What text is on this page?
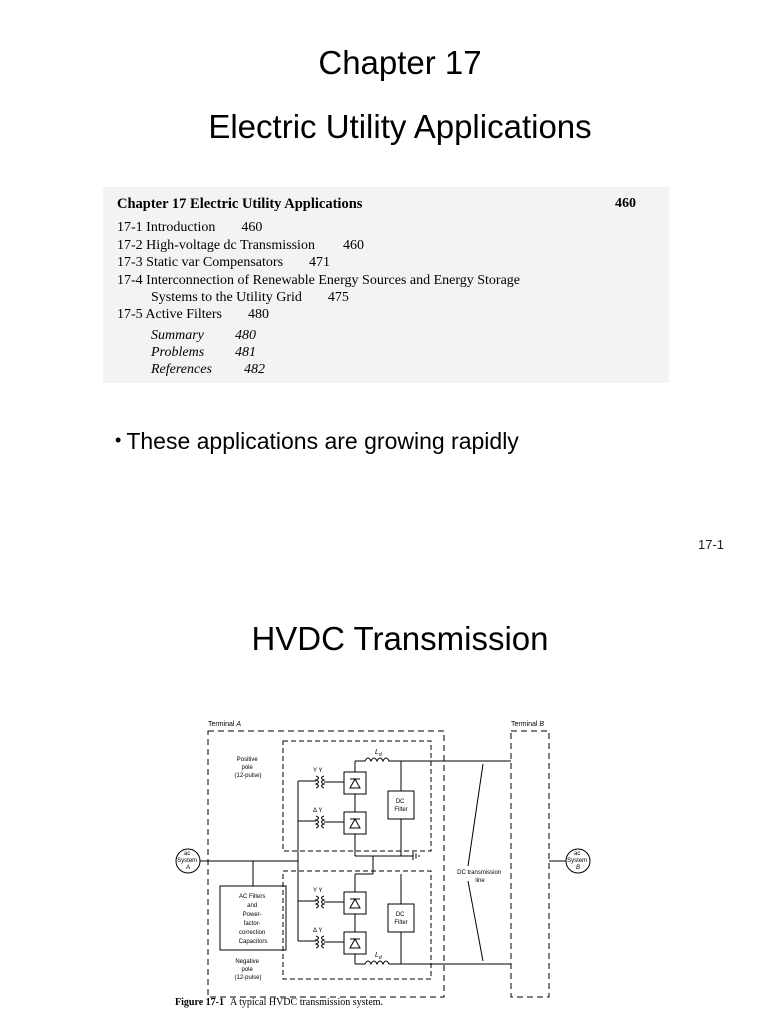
Chapter 17
Electric Utility Applications
Chapter 17 Electric Utility Applications	460
17-1 Introduction 460
17-2 High-voltage dc Transmission 460
17-3 Static var Compensators 471
17-4 Interconnection of Renewable Energy Sources and Energy Storage
Systems to the Utility Grid 475
17-5 Active Filters 480
Summary 480
Problems 481
References 482
• These applications are growing rapidly
17-1
HVDC Transmission
Terminal A	Terminal B
Positive pole (12-pulse)
Negative pole (12-pulse)
ac System A
AC Filters and Power- factor- correction Capacitors
Y Y
Δ Y
Y Y
Δ Y
$L_d$
$L_d$
DC Filter
DC Filter
DC transmission line
ac System B
Figure 17-1 A typical HVDC transmission system.
